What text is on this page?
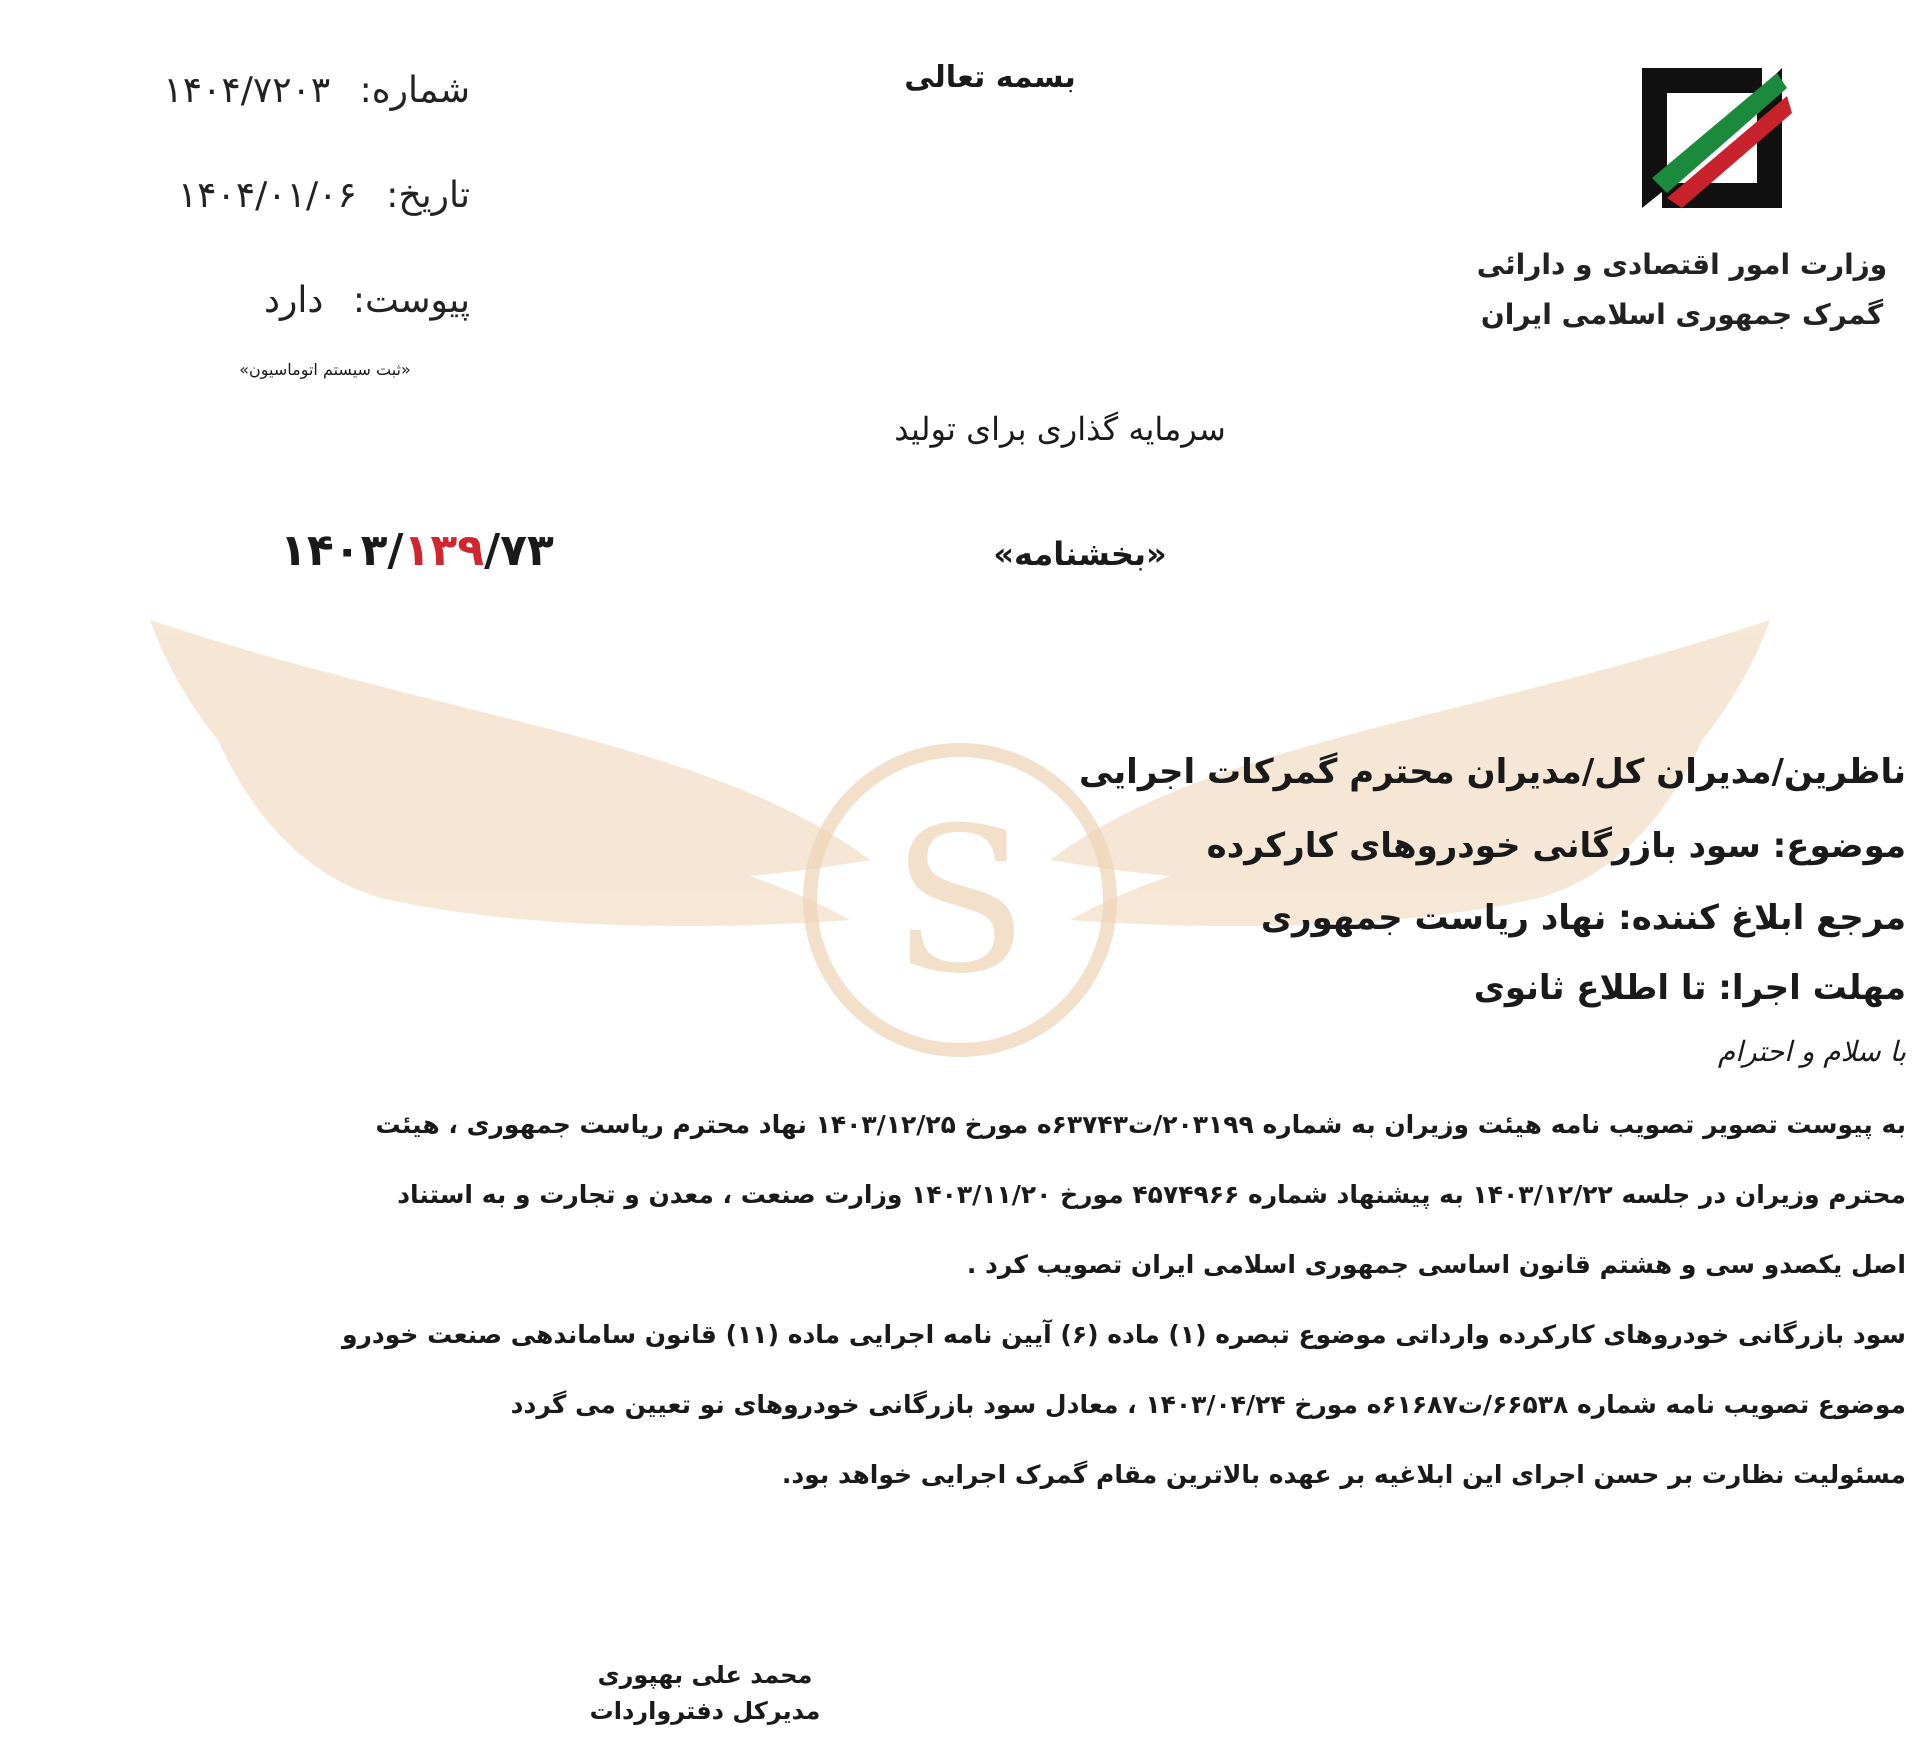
S
وزارت امور اقتصادی و دارائی
گمرک جمهوری اسلامی ایران
بسمه تعالی
شماره: ۱۴۰۴/۷۲۰۳
تاریخ: ۱۴۰۴/۰۱/۰۶
پیوست: دارد
«ثبت سیستم اتوماسیون»
سرمایه گذاری برای تولید
۱۴۰۳/۱۳۹/۷۳	«بخشنامه»
ناظرین/مدیران کل/مدیران محترم گمرکات اجرایی
موضوع: سود بازرگانی خودروهای کارکرده
مرجع ابلاغ کننده: نهاد ریاست جمهوری
مهلت اجرا: تا اطلاع ثانوی
با سلام و احترام
به پیوست تصویر تصویب نامه هیئت وزیران به شماره ۲۰۳۱۹۹/ت۶۳۷۴۳ه مورخ ۱۴۰۳/۱۲/۲۵ نهاد محترم ریاست جمهوری ، هیئت
محترم وزیران در جلسه ۱۴۰۳/۱۲/۲۲ به پیشنهاد شماره ۴۵۷۴۹۶۶ مورخ ۱۴۰۳/۱۱/۲۰ وزارت صنعت ، معدن و تجارت و به استناد
اصل یکصدو سی و هشتم قانون اساسی جمهوری اسلامی ایران تصویب کرد .
سود بازرگانی خودروهای کارکرده وارداتی موضوع تبصره (۱) ماده (۶) آیین نامه اجرایی ماده (۱۱) قانون ساماندهی صنعت خودرو
موضوع تصویب نامه شماره ۶۶۵۳۸/ت۶۱۶۸۷ه مورخ ۱۴۰۳/۰۴/۲۴ ، معادل سود بازرگانی خودروهای نو تعیین می گردد
مسئولیت نظارت بر حسن اجرای این ابلاغیه بر عهده بالاترین مقام گمرک اجرایی خواهد بود.
محمد علی بهپوری
مدیرکل دفترواردات
